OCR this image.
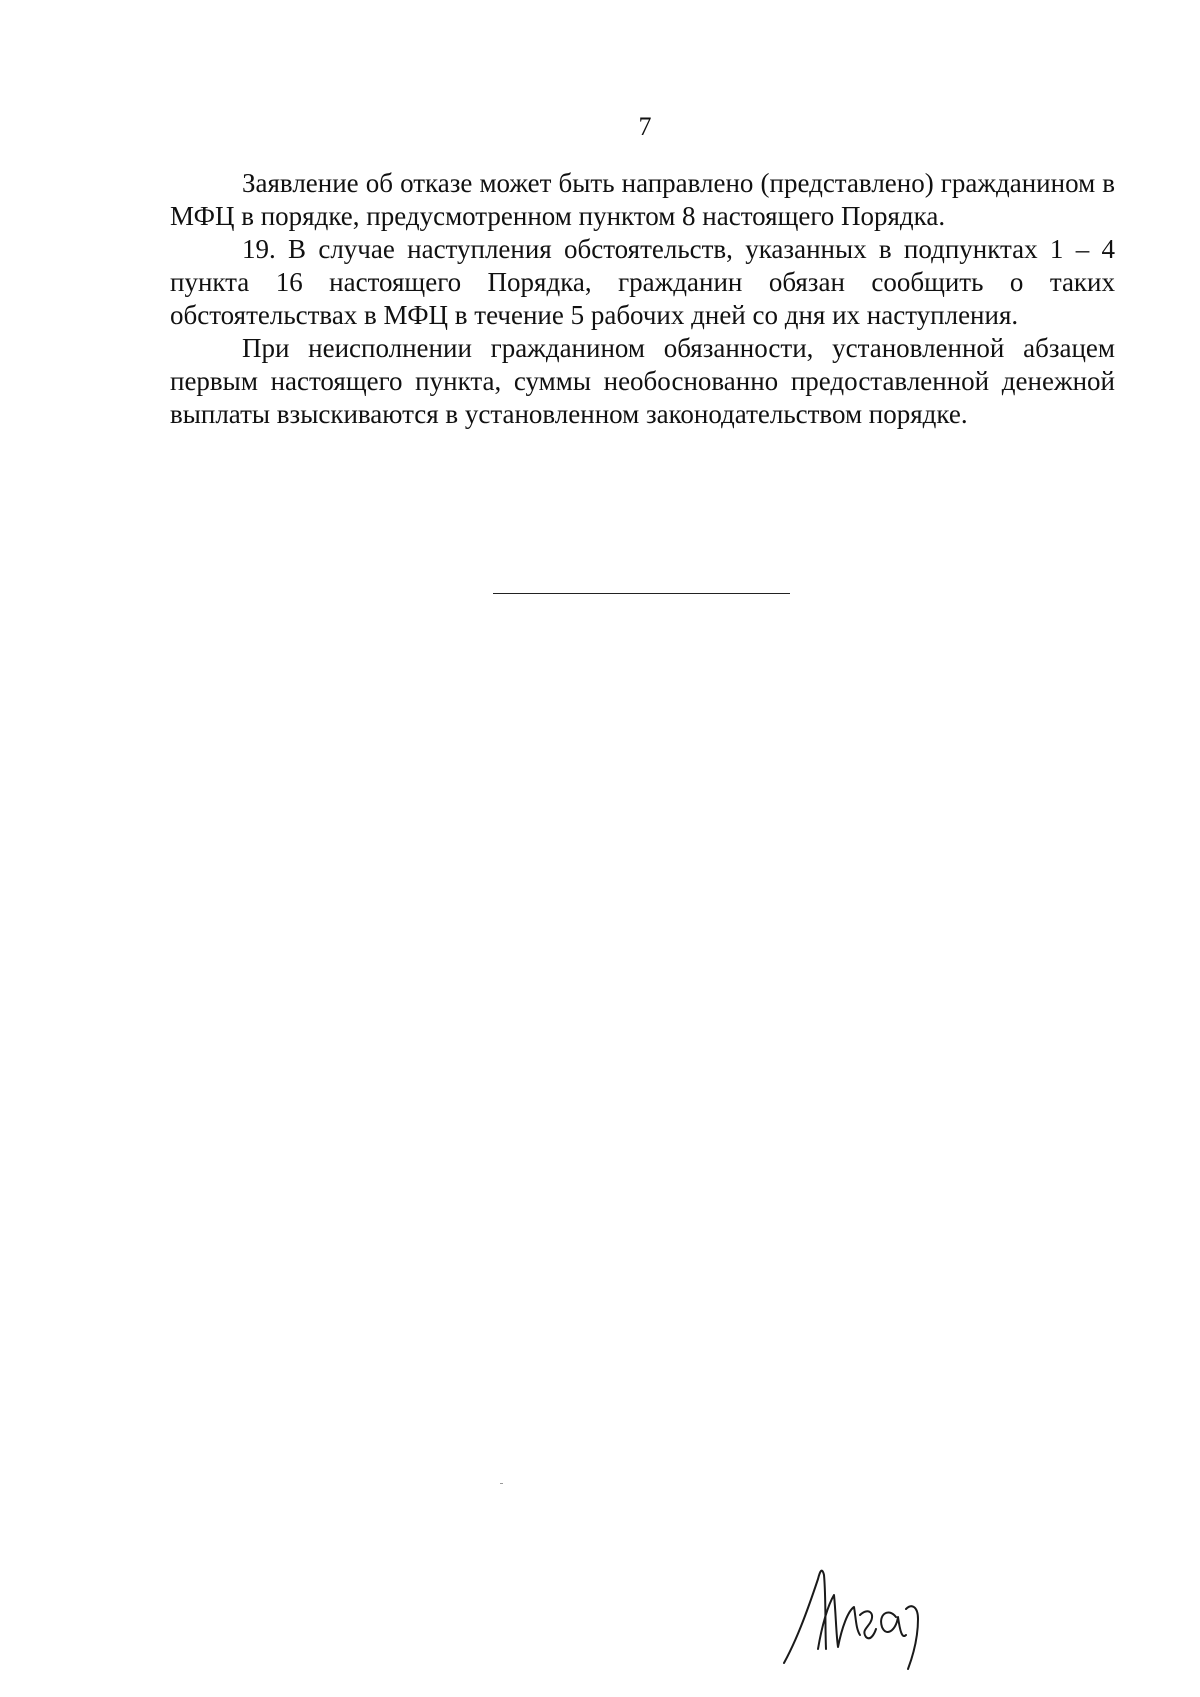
7

Заявление об отказе может быть направлено (представлено) гражданином в МФЦ в порядке, предусмотренном пунктом 8 настоящего Порядка.

19. В случае наступления обстоятельств, указанных в подпунктах 1 – 4 пункта 16 настоящего Порядка, гражданин обязан сообщить о таких обстоятельствах в МФЦ в течение 5 рабочих дней со дня их наступления.

При неисполнении гражданином обязанности, установленной абзацем первым настоящего пункта, суммы необоснованно предоставленной денежной выплаты взыскиваются в установленном законодательством порядке.
